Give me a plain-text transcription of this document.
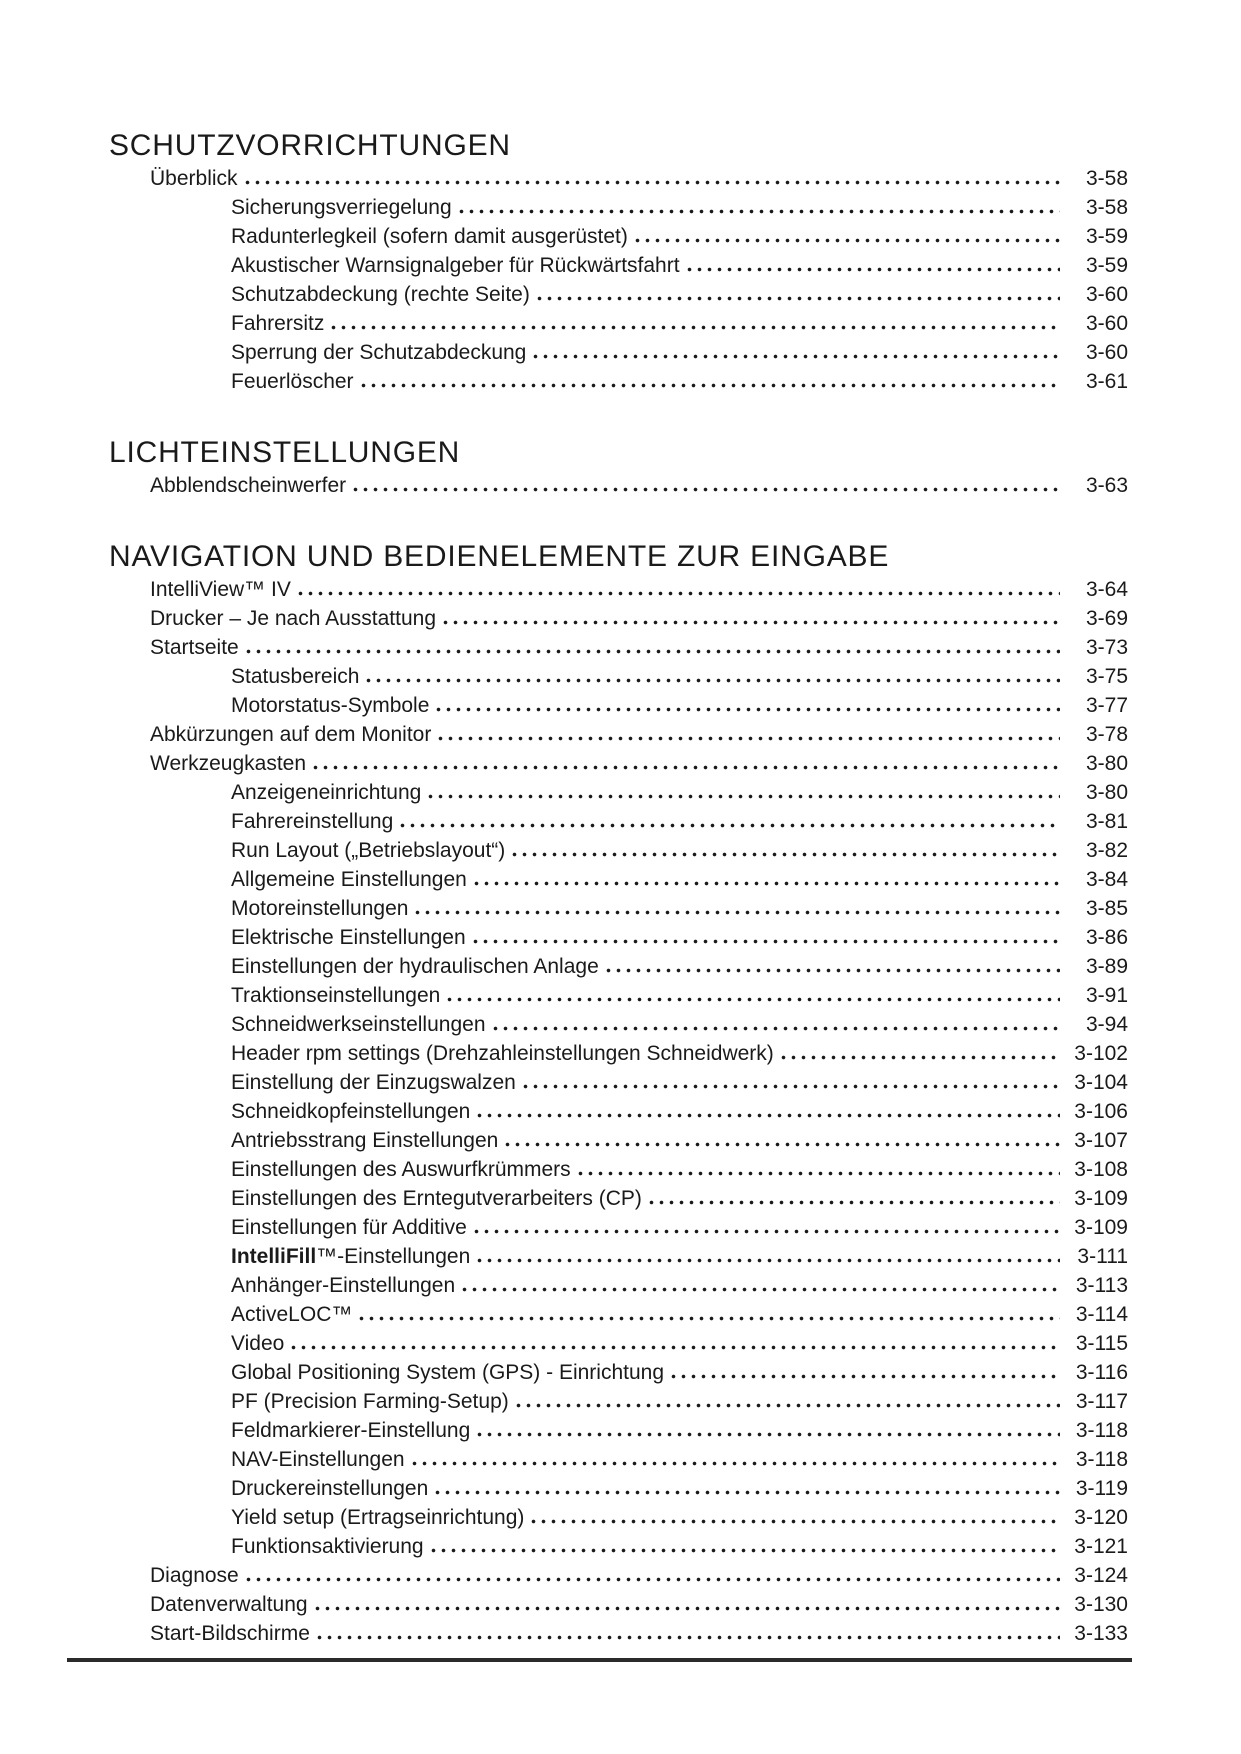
SCHUTZVORRICHTUNGEN
Überblick	3-58
Sicherungsverriegelung	3-58
Radunterlegkeil (sofern damit ausgerüstet)	3-59
Akustischer Warnsignalgeber für Rückwärtsfahrt	3-59
Schutzabdeckung (rechte Seite)	3-60
Fahrersitz	3-60
Sperrung der Schutzabdeckung	3-60
Feuerlöscher	3-61
LICHTEINSTELLUNGEN
Abblendscheinwerfer	3-63
NAVIGATION UND BEDIENELEMENTE ZUR EINGABE
IntelliView™ IV	3-64
Drucker – Je nach Ausstattung	3-69
Startseite	3-73
Statusbereich	3-75
Motorstatus-Symbole	3-77
Abkürzungen auf dem Monitor	3-78
Werkzeugkasten	3-80
Anzeigeneinrichtung	3-80
Fahrereinstellung	3-81
Run Layout („Betriebslayout“)	3-82
Allgemeine Einstellungen	3-84
Motoreinstellungen	3-85
Elektrische Einstellungen	3-86
Einstellungen der hydraulischen Anlage	3-89
Traktionseinstellungen	3-91
Schneidwerkseinstellungen	3-94
Header rpm settings (Drehzahleinstellungen Schneidwerk)	3-102
Einstellung der Einzugswalzen	3-104
Schneidkopfeinstellungen	3-106
Antriebsstrang Einstellungen	3-107
Einstellungen des Auswurfkrümmers	3-108
Einstellungen des Erntegutverarbeiters (CP)	3-109
Einstellungen für Additive	3-109
IntelliFill™-Einstellungen	3-111
Anhänger-Einstellungen	3-113
ActiveLOC™	3-114
Video	3-115
Global Positioning System (GPS) - Einrichtung	3-116
PF (Precision Farming-Setup)	3-117
Feldmarkierer-Einstellung	3-118
NAV-Einstellungen	3-118
Druckereinstellungen	3-119
Yield setup (Ertragseinrichtung)	3-120
Funktionsaktivierung	3-121
Diagnose	3-124
Datenverwaltung	3-130
Start-Bildschirme	3-133
